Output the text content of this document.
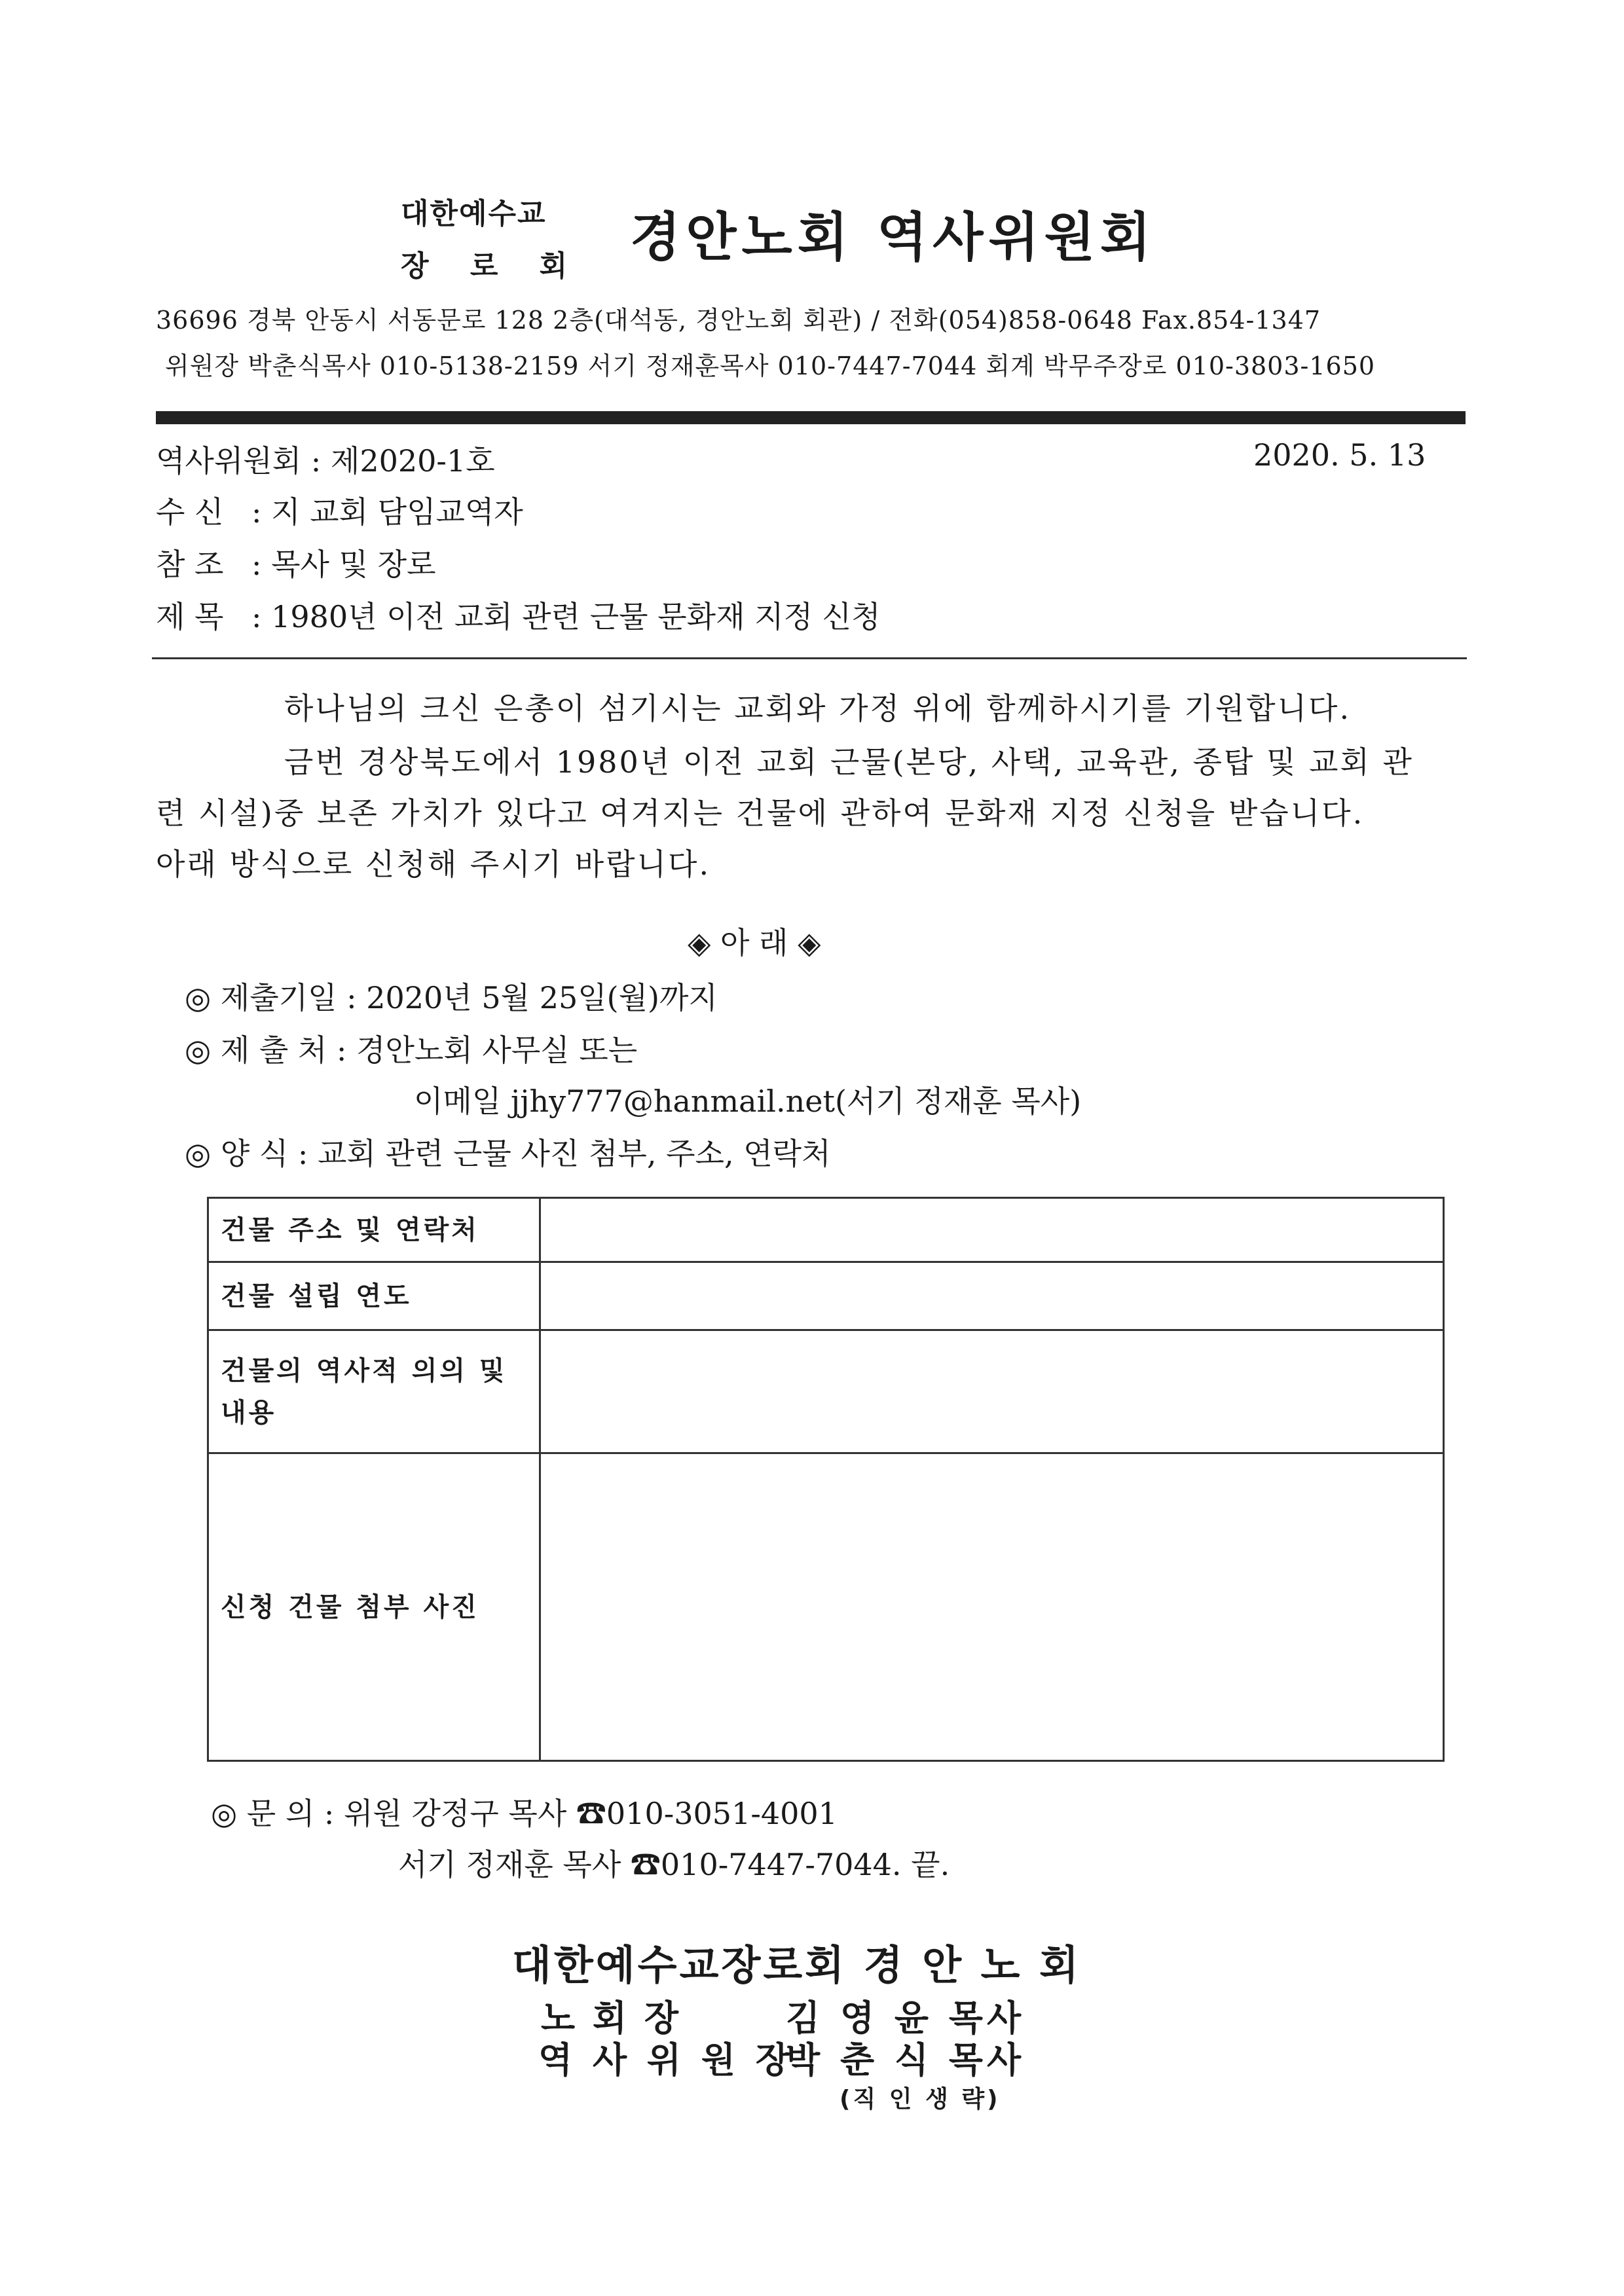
대한예수교
장 로 회 경안노회 역사위원회
36696 경북 안동시 서동문로 128 2층(대석동, 경안노회 회관) / 전화(054)858-0648 Fax.854-1347
위원장 박춘식목사 010-5138-2159 서기 정재훈목사 010-7447-7044 회계 박무주장로 010-3803-1650
역사위원회 : 제2020-1호	2020. 5. 13
수 신 : 지 교회 담임교역자
참 조 : 목사 및 장로
제 목 : 1980년 이전 교회 관련 근물 문화재 지정 신청
하나님의 크신 은총이 섬기시는 교회와 가정 위에 함께하시기를 기원합니다.
금번 경상북도에서 1980년 이전 교회 근물(본당, 사택, 교육관, 종탑 및 교회 관
련 시설)중 보존 가치가 있다고 여겨지는 건물에 관하여 문화재 지정 신청을 받습니다.
아래 방식으로 신청해 주시기 바랍니다.
◈ 아 래 ◈
◎ 제출기일 : 2020년 5월 25일(월)까지
◎ 제 출 처 : 경안노회 사무실 또는
이메일 jjhy777@hanmail.net(서기 정재훈 목사)
◎ 양 식 : 교회 관련 근물 사진 첨부, 주소, 연락처
건물 주소 및 연락처	
건물 설립 연도	
건물의 역사적 의의 및 내용	
신청 건물 첨부 사진	
◎ 문 의 : 위원 강정구 목사 ☎010-3051-4001
서기 정재훈 목사 ☎010-7447-7044. 끝.
대한예수교장로회 경 안 노 회
노 회 장	김 영 윤 목사
역 사 위 원 장
박 춘 식 목사
(직 인 생 략)
